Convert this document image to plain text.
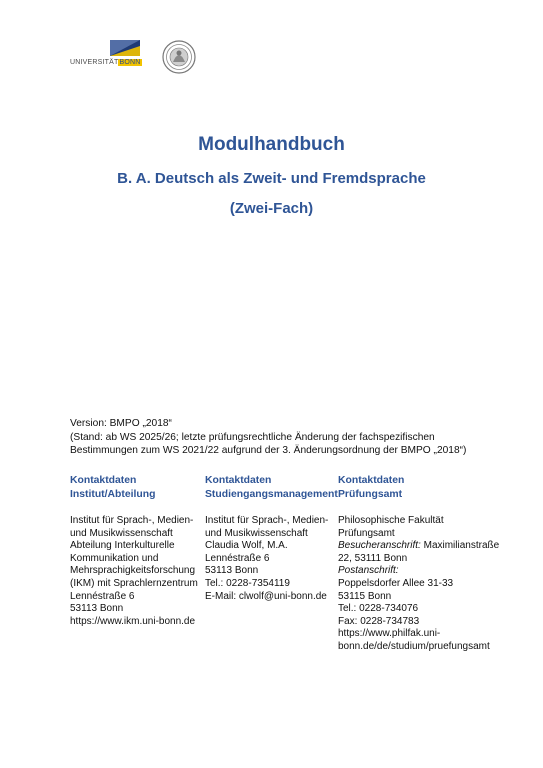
UNIVERSITÄTBONN
Modulhandbuch
B. A. Deutsch als Zweit- und Fremdsprache
(Zwei-Fach)
Version: BMPO „2018“
(Stand: ab WS 2025/26; letzte prüfungsrechtliche Änderung der fachspezifischen
Bestimmungen zum WS 2021/22 aufgrund der 3. Änderungsordnung der BMPO „2018“)
Kontaktdaten
Institut/Abteilung
Institut für Sprach-, Medien-
und Musikwissenschaft
Abteilung Interkulturelle
Kommunikation und
Mehrsprachigkeitsforschung
(IKM) mit Sprachlernzentrum
Lennéstraße 6
53113 Bonn
https://www.ikm.uni-bonn.de
Kontaktdaten
Studiengangsmanagement
Institut für Sprach-, Medien-
und Musikwissenschaft
Claudia Wolf, M.A.
Lennéstraße 6
53113 Bonn
Tel.: 0228-7354119
E-Mail: clwolf@uni-bonn.de
Kontaktdaten
Prüfungsamt
Philosophische Fakultät
Prüfungsamt
Besucheranschrift: Maximilianstraße
22, 53111 Bonn
Postanschrift:
Poppelsdorfer Allee 31-33
53115 Bonn
Tel.: 0228-734076
Fax: 0228-734783
https://www.philfak.uni-
bonn.de/de/studium/pruefungsamt
